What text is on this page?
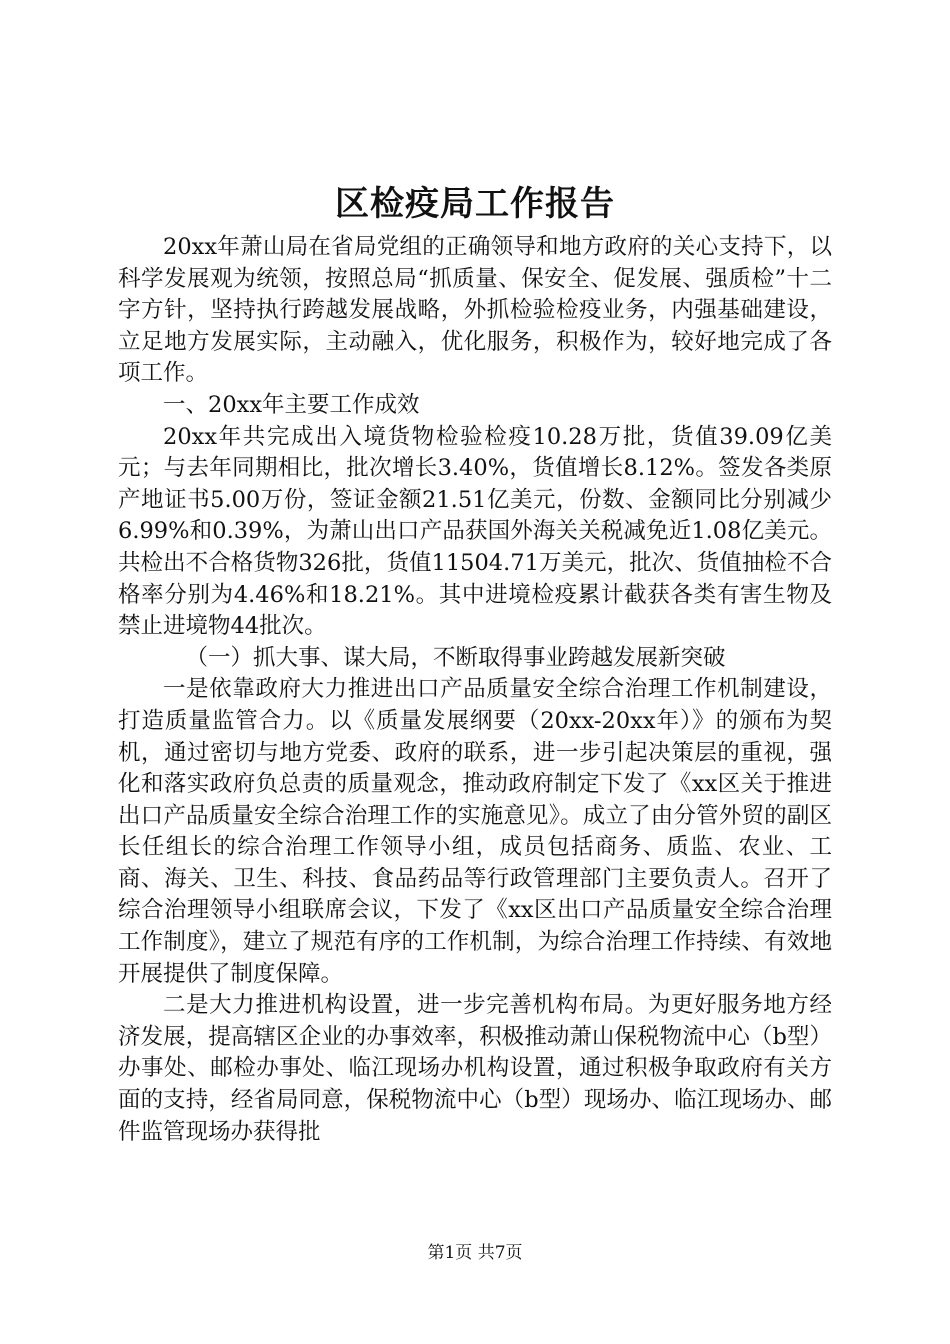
区检疫局工作报告

20xx年萧山局在省局党组的正确领导和地方政府的关心支持下，以科学发展观为统领，按照总局“抓质量、保安全、促发展、强质检”十二字方针，坚持执行跨越发展战略，外抓检验检疫业务，内强基础建设，立足地方发展实际，主动融入，优化服务，积极作为，较好地完成了各项工作。

一、20xx年主要工作成效

20xx年共完成出入境货物检验检疫10.28万批，货值39.09亿美元；与去年同期相比，批次增长3.40%，货值增长8.12%。签发各类原产地证书5.00万份，签证金额21.51亿美元，份数、金额同比分别减少6.99%和0.39%，为萧山出口产品获国外海关关税减免近1.08亿美元。共检出不合格货物326批，货值11504.71万美元，批次、货值抽检不合格率分别为4.46%和18.21%。其中进境检疫累计截获各类有害生物及禁止进境物44批次。

（一）抓大事、谋大局，不断取得事业跨越发展新突破

一是依靠政府大力推进出口产品质量安全综合治理工作机制建设，打造质量监管合力。以《质量发展纲要（20xx-20xx年）》的颁布为契机，通过密切与地方党委、政府的联系，进一步引起决策层的重视，强化和落实政府负总责的质量观念，推动政府制定下发了《xx区关于推进出口产品质量安全综合治理工作的实施意见》。成立了由分管外贸的副区长任组长的综合治理工作领导小组，成员包括商务、质监、农业、工商、海关、卫生、科技、食品药品等行政管理部门主要负责人。召开了综合治理领导小组联席会议，下发了《xx区出口产品质量安全综合治理工作制度》，建立了规范有序的工作机制，为综合治理工作持续、有效地开展提供了制度保障。

二是大力推进机构设置，进一步完善机构布局。为更好服务地方经济发展，提高辖区企业的办事效率，积极推动萧山保税物流中心（b型）办事处、邮检办事处、临江现场办机构设置，通过积极争取政府有关方面的支持，经省局同意，保税物流中心（b型）现场办、临江现场办、邮件监管现场办获得批

第1页 共7页
